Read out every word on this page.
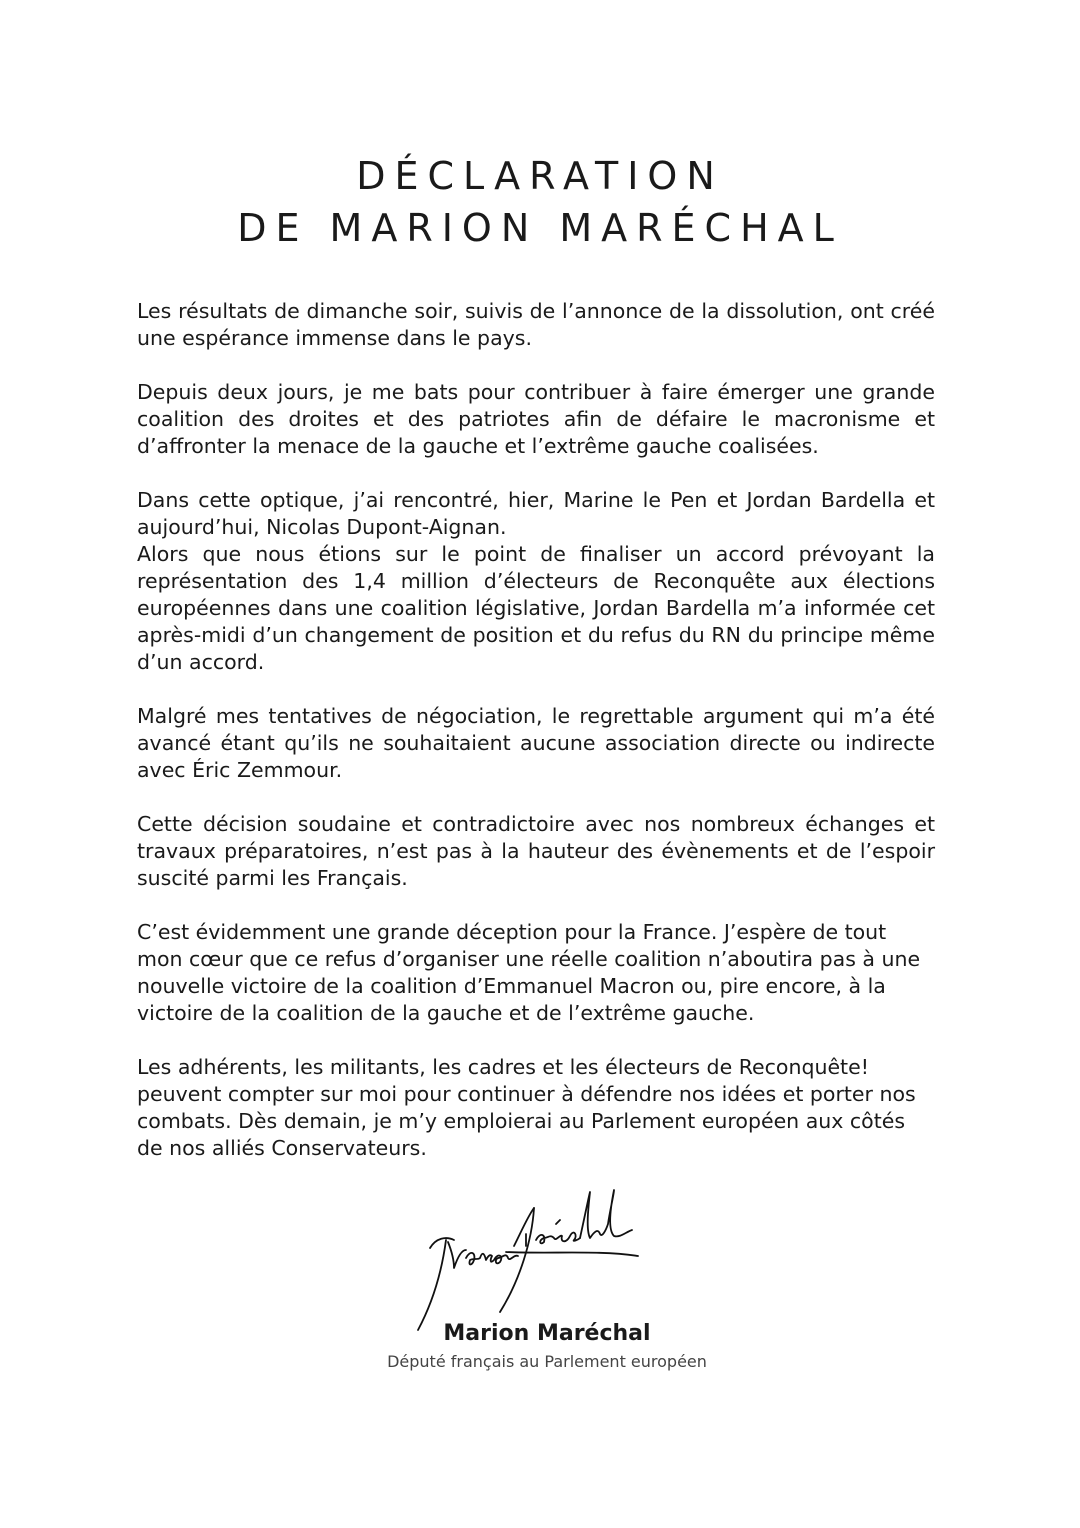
DÉCLARATION
DE MARION MARÉCHAL

Les résultats de dimanche soir, suivis de l’annonce de la dissolution, ont créé une espérance immense dans le pays.

Depuis deux jours, je me bats pour contribuer à faire émerger une grande coalition des droites et des patriotes afin de défaire le macronisme et d’affronter la menace de la gauche et l’extrême gauche coalisées.

Dans cette optique, j’ai rencontré, hier, Marine le Pen et Jordan Bardella et aujourd’hui, Nicolas Dupont-Aignan.
Alors que nous étions sur le point de finaliser un accord prévoyant la représentation des 1,4 million d’électeurs de Reconquête aux élections européennes dans une coalition législative, Jordan Bardella m’a informée cet après-midi d’un changement de position et du refus du RN du principe même d’un accord.

Malgré mes tentatives de négociation, le regrettable argument qui m’a été avancé étant qu’ils ne souhaitaient aucune association directe ou indirecte avec Éric Zemmour.

Cette décision soudaine et contradictoire avec nos nombreux échanges et travaux préparatoires, n’est pas à la hauteur des évènements et de l’espoir suscité parmi les Français.

C’est évidemment une grande déception pour la France. J’espère de tout mon cœur que ce refus d’organiser une réelle coalition n’aboutira pas à une nouvelle victoire de la coalition d’Emmanuel Macron ou, pire encore, à la victoire de la coalition de la gauche et de l’extrême gauche.

Les adhérents, les militants, les cadres et les électeurs de Reconquête! peuvent compter sur moi pour continuer à défendre nos idées et porter nos combats. Dès demain, je m’y emploierai au Parlement européen aux côtés de nos alliés Conservateurs.

Marion Maréchal

Député français au Parlement européen
